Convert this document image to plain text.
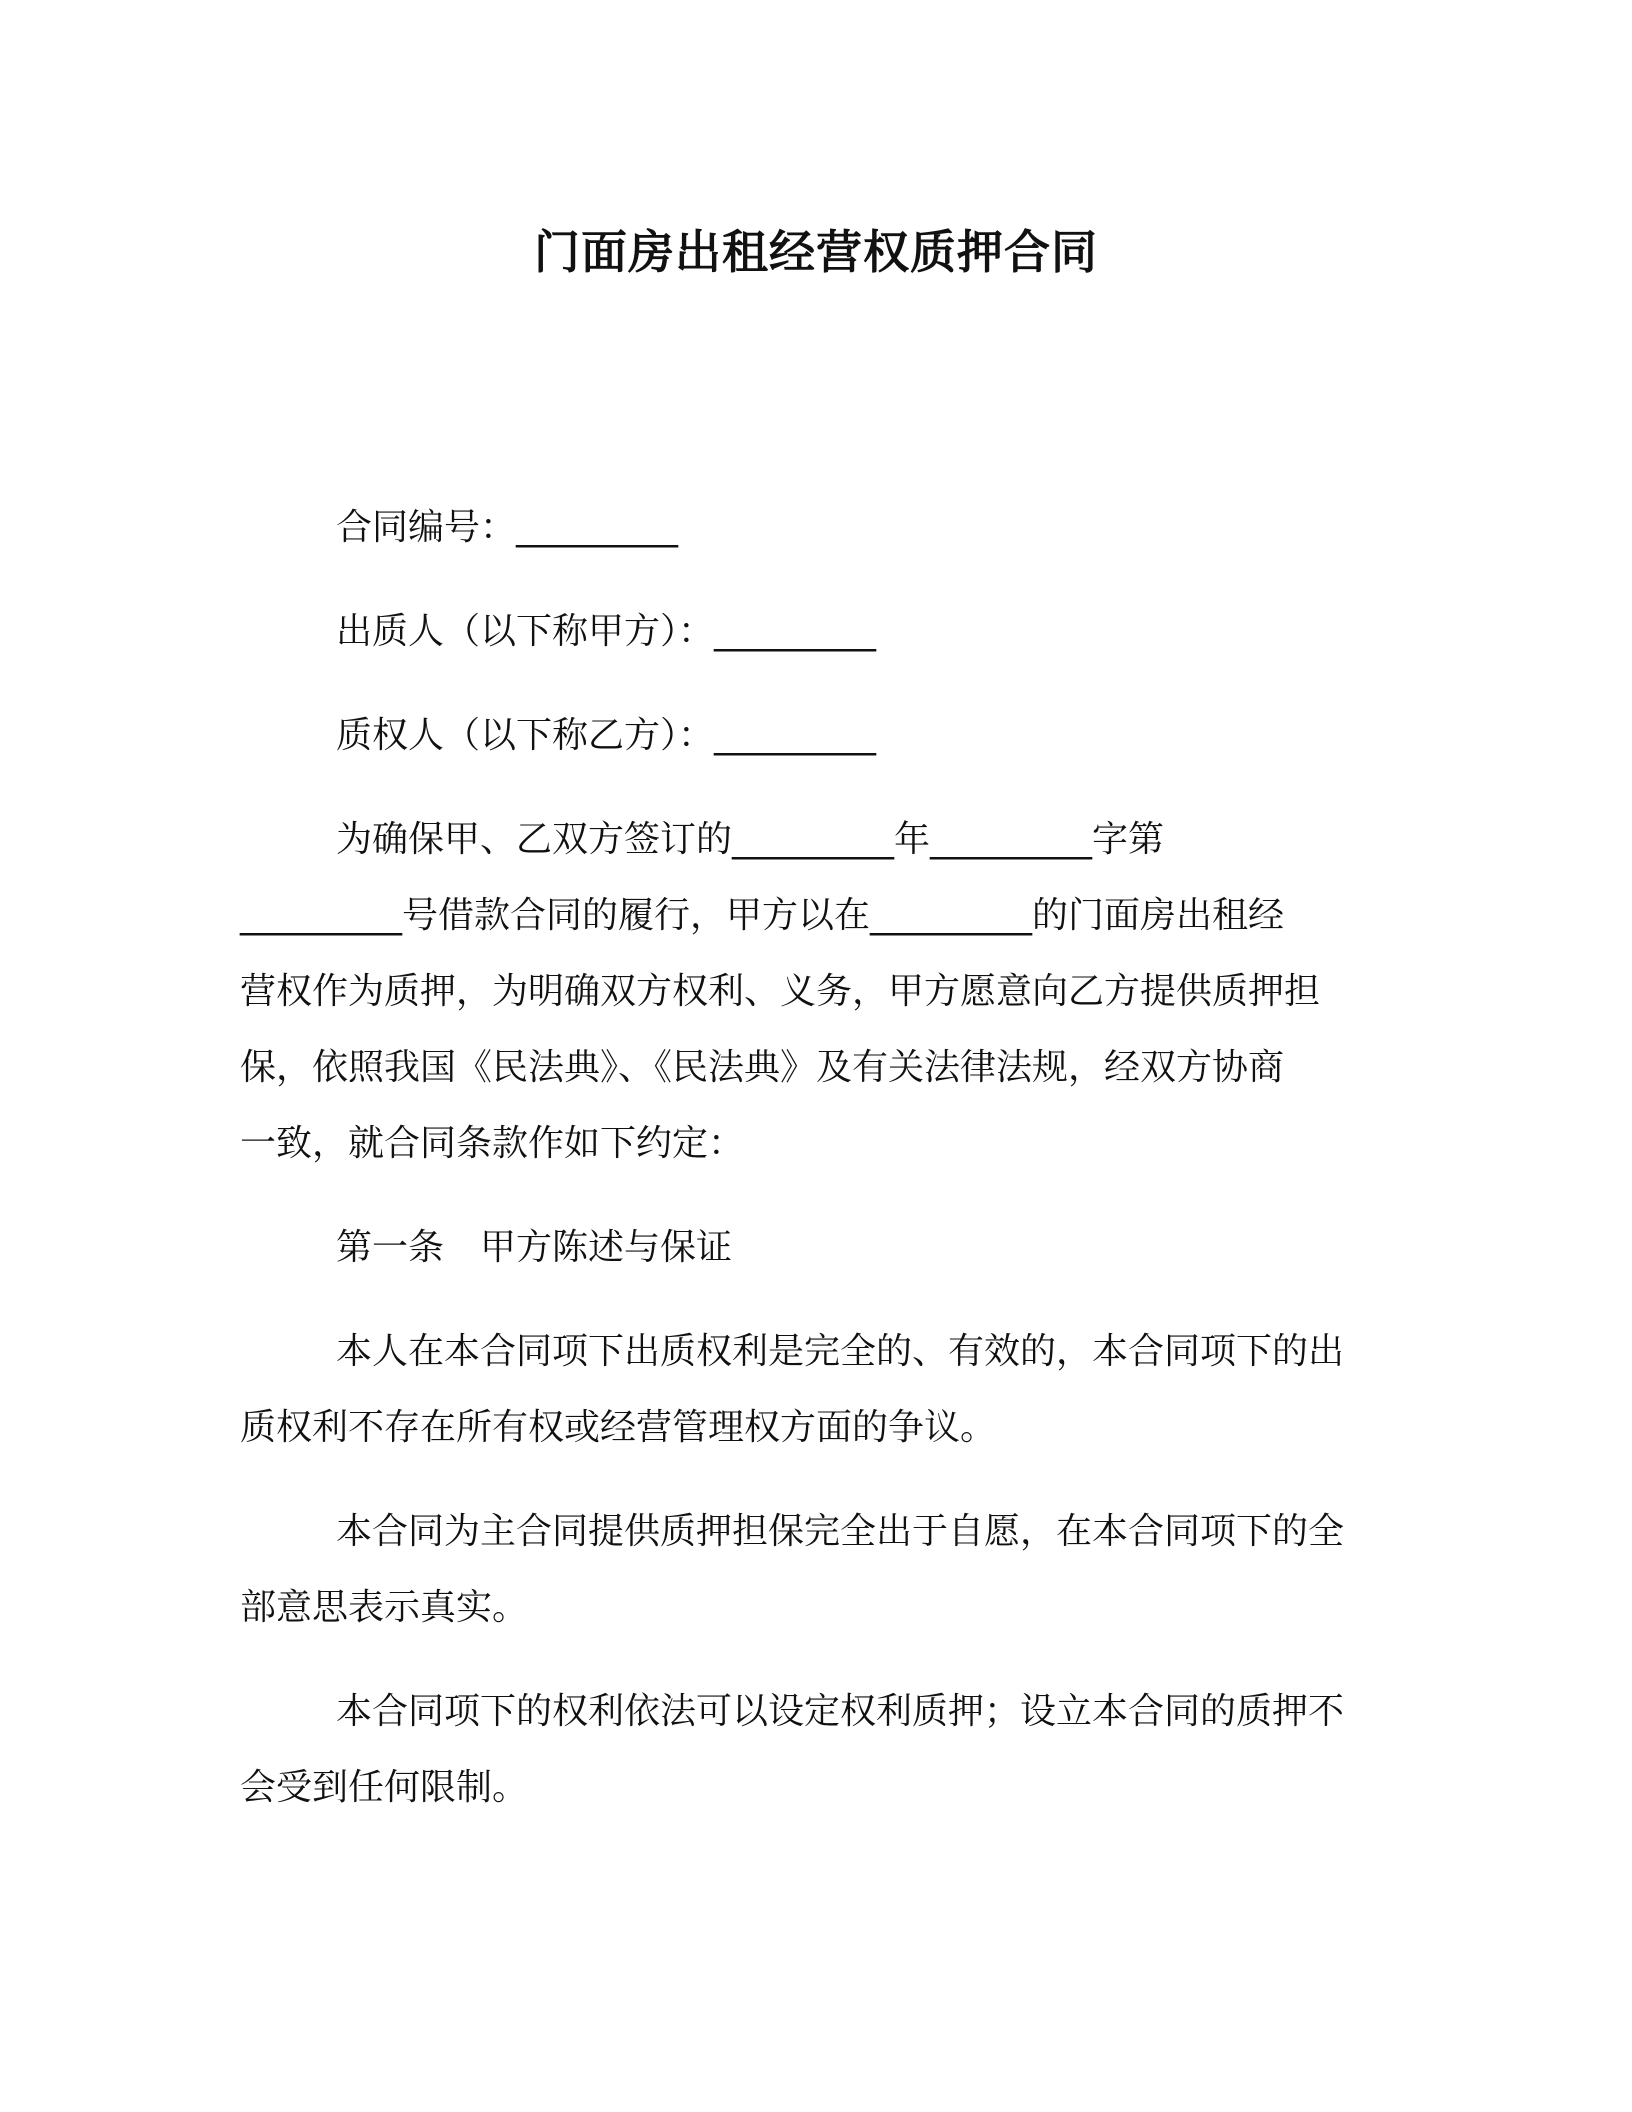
门面房出租经营权质押合同
合同编号：_________
出质人（以下称甲方）：_________
质权人（以下称乙方）：_________
为确保甲、乙双方签订的_________年_________字第
_________号借款合同的履行，甲方以在_________的门面房出租经
营权作为质押，为明确双方权利、义务，甲方愿意向乙方提供质押担
保，依照我国《民法典》、《民法典》及有关法律法规，经双方协商
一致，就合同条款作如下约定：
第一条　甲方陈述与保证
本人在本合同项下出质权利是完全的、有效的，本合同项下的出
质权利不存在所有权或经营管理权方面的争议。
本合同为主合同提供质押担保完全出于自愿，在本合同项下的全
部意思表示真实。
本合同项下的权利依法可以设定权利质押；设立本合同的质押不
会受到任何限制。
